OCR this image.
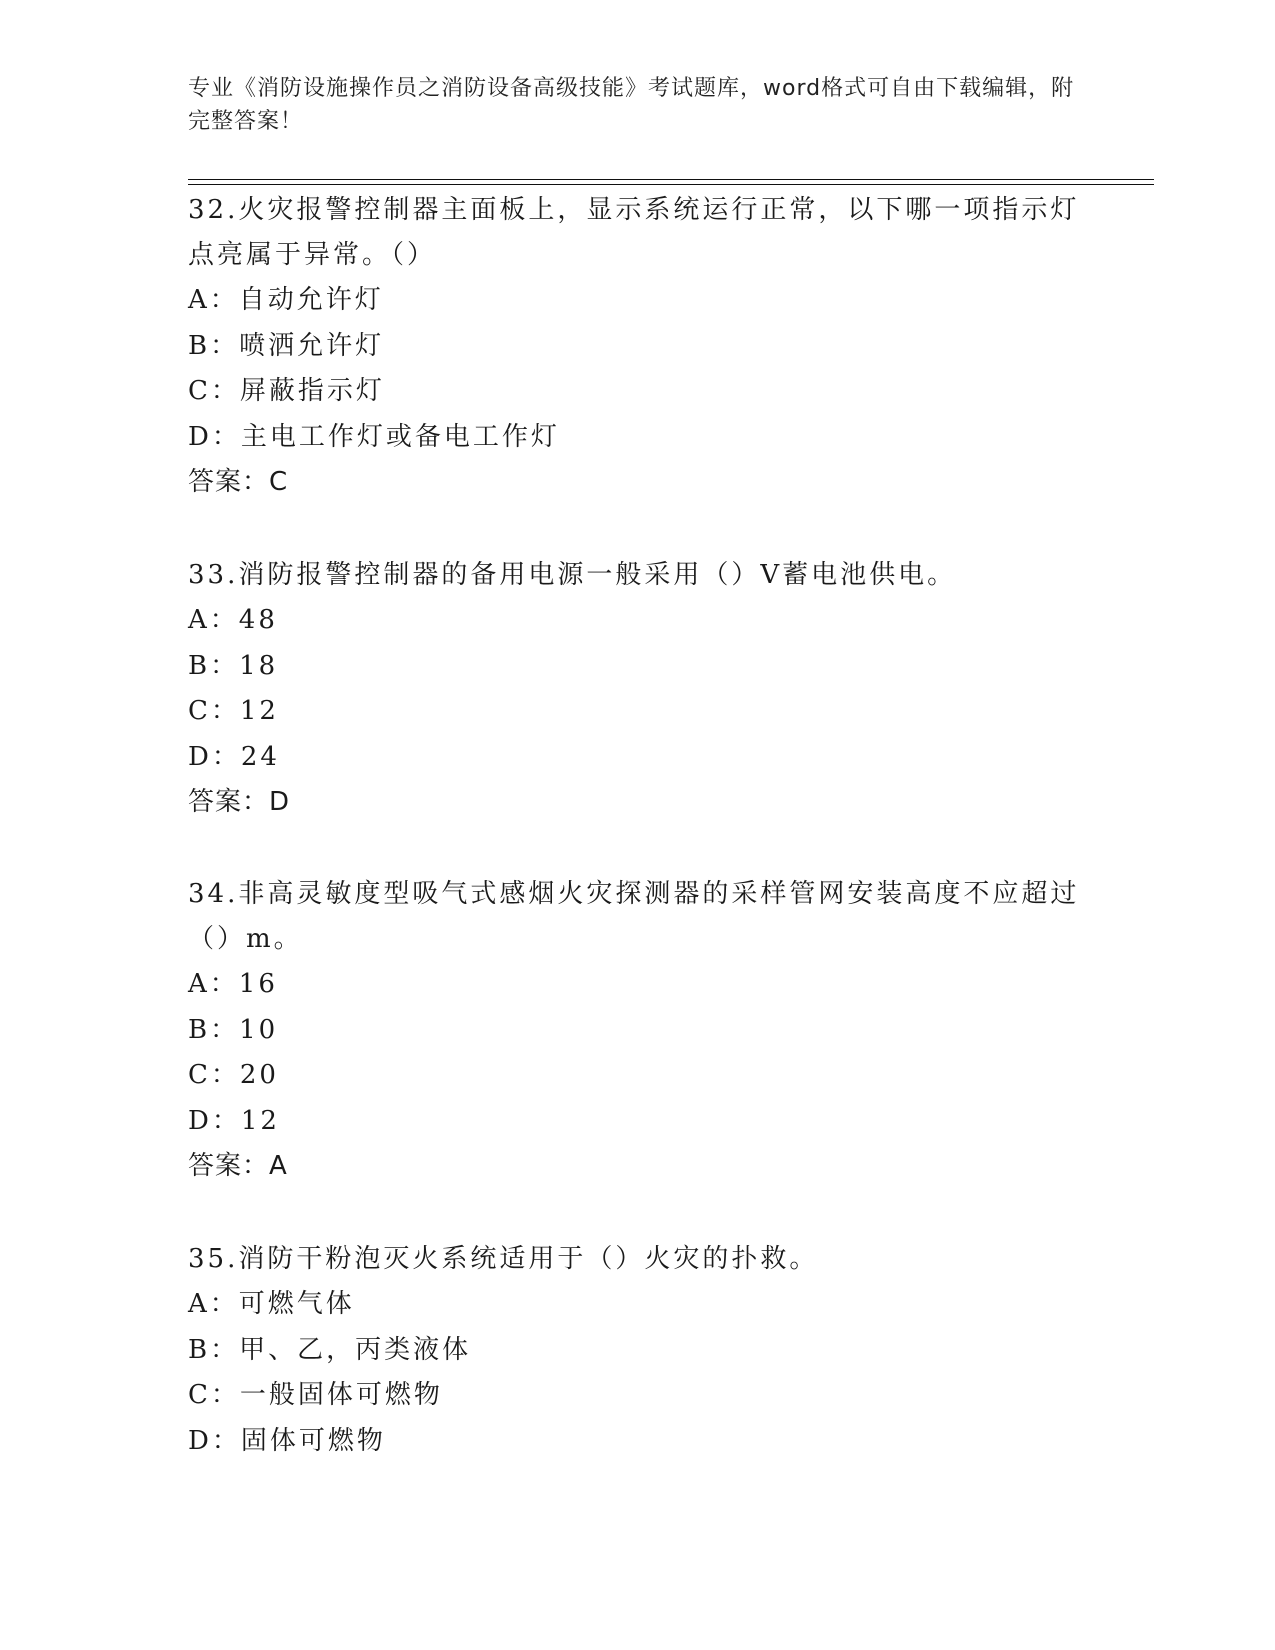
专业《消防设施操作员之消防设备高级技能》考试题库，word格式可自由下载编辑，附完整答案！

32.火灾报警控制器主面板上，显示系统运行正常，以下哪一项指示灯点亮属于异常。（）

A：自动允许灯

B：喷洒允许灯

C：屏蔽指示灯

D：主电工作灯或备电工作灯

答案：C

33.消防报警控制器的备用电源一般采用（）V蓄电池供电。

A：48

B：18

C：12

D：24

答案：D

34.非高灵敏度型吸气式感烟火灾探测器的采样管网安装高度不应超过（）m。

A：16

B：10

C：20

D：12

答案：A

35.消防干粉泡灭火系统适用于（）火灾的扑救。

A：可燃气体

B：甲、乙，丙类液体

C：一般固体可燃物

D：固体可燃物
